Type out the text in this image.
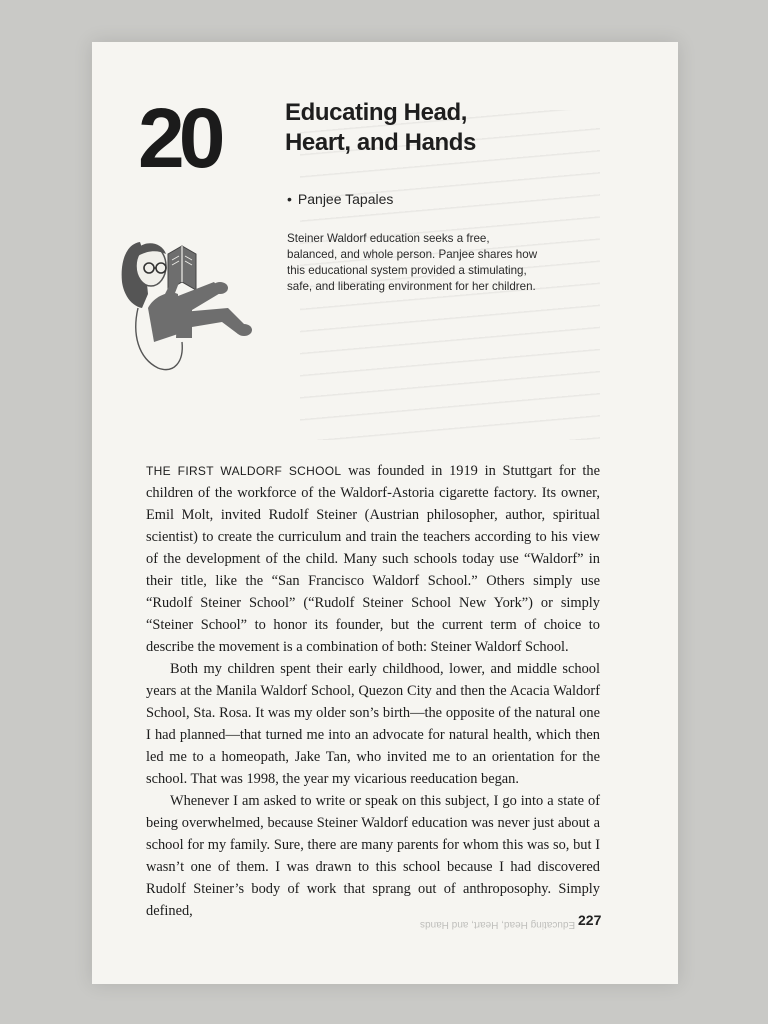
20	Educating Head,
Heart, and Hands
• Panjee Tapales
Steiner Waldorf education seeks a free, balanced, and whole person. Panjee shares how this educational system provided a stimulating, safe, and liberating environment for her children.

THE FIRST WALDORF SCHOOL was founded in 1919 in Stuttgart for the children of the workforce of the Waldorf-Astoria cigarette factory. Its owner, Emil Molt, invited Rudolf Steiner (Austrian philosopher, author, spiritual scientist) to create the curriculum and train the teachers according to his view of the development of the child. Many such schools today use “Waldorf” in their title, like the “San Francisco Waldorf School.” Others simply use “Rudolf Steiner School” (“Rudolf Steiner School New York”) or simply “Steiner School” to honor its founder, but the current term of choice to describe the movement is a combination of both: Steiner Waldorf School.

Both my children spent their early childhood, lower, and middle school years at the Manila Waldorf School, Quezon City and then the Acacia Waldorf School, Sta. Rosa. It was my older son’s birth—the opposite of the natural one I had planned—that turned me into an advocate for natural health, which then led me to a homeopath, Jake Tan, who invited me to an orientation for the school. That was 1998, the year my vicarious reeducation began.

Whenever I am asked to write or speak on this subject, I go into a state of being overwhelmed, because Steiner Waldorf education was never just about a school for my family. Sure, there are many parents for whom this was so, but I wasn’t one of them. I was drawn to this school because I had discovered Rudolf Steiner’s body of work that sprang out of anthroposophy. Simply defined,

Educating Head, Heart, and Hands 227
